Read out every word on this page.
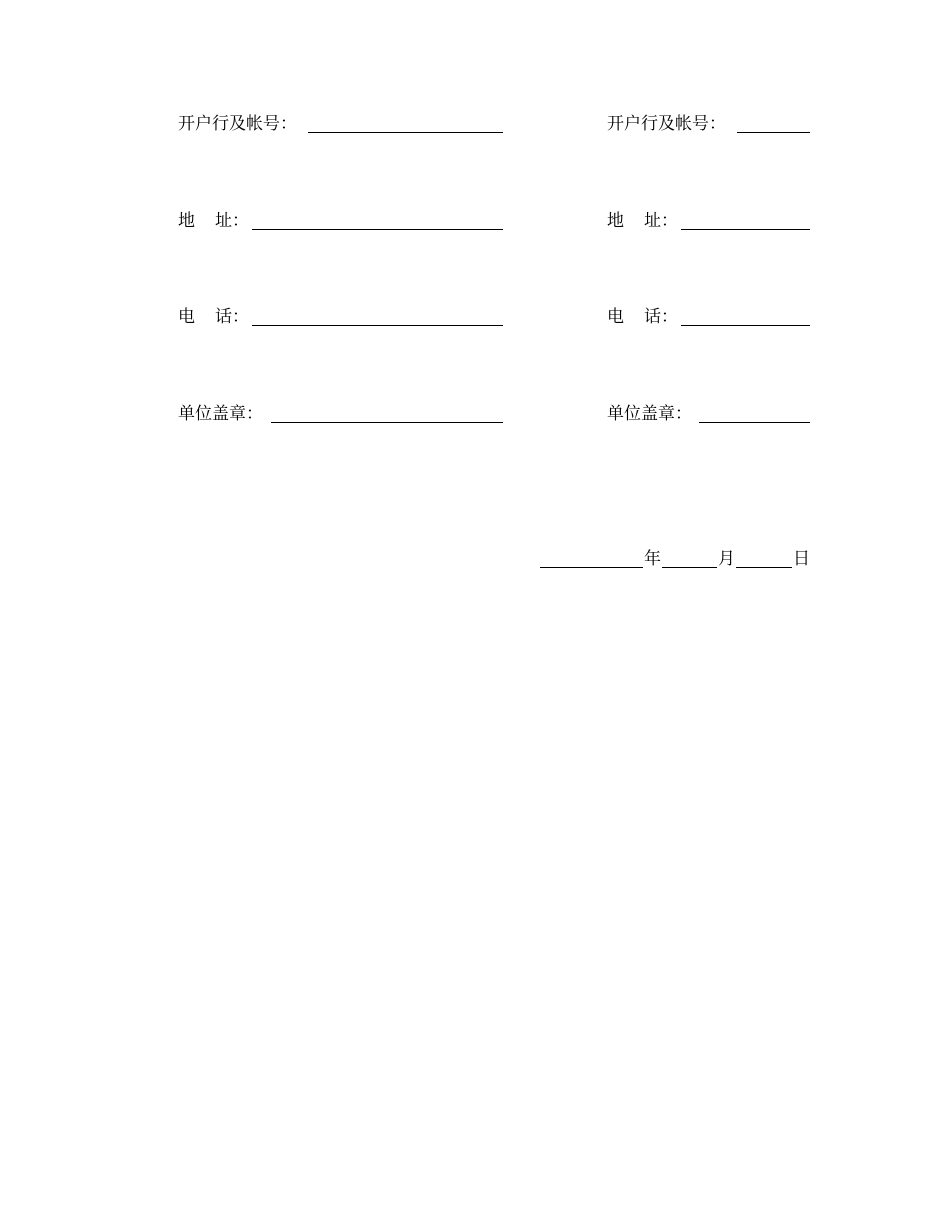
开户行及帐号：
地 址：
电 话：
单位盖章：
开户行及帐号：
地 址：
电 话：
单位盖章：
年	月	日
